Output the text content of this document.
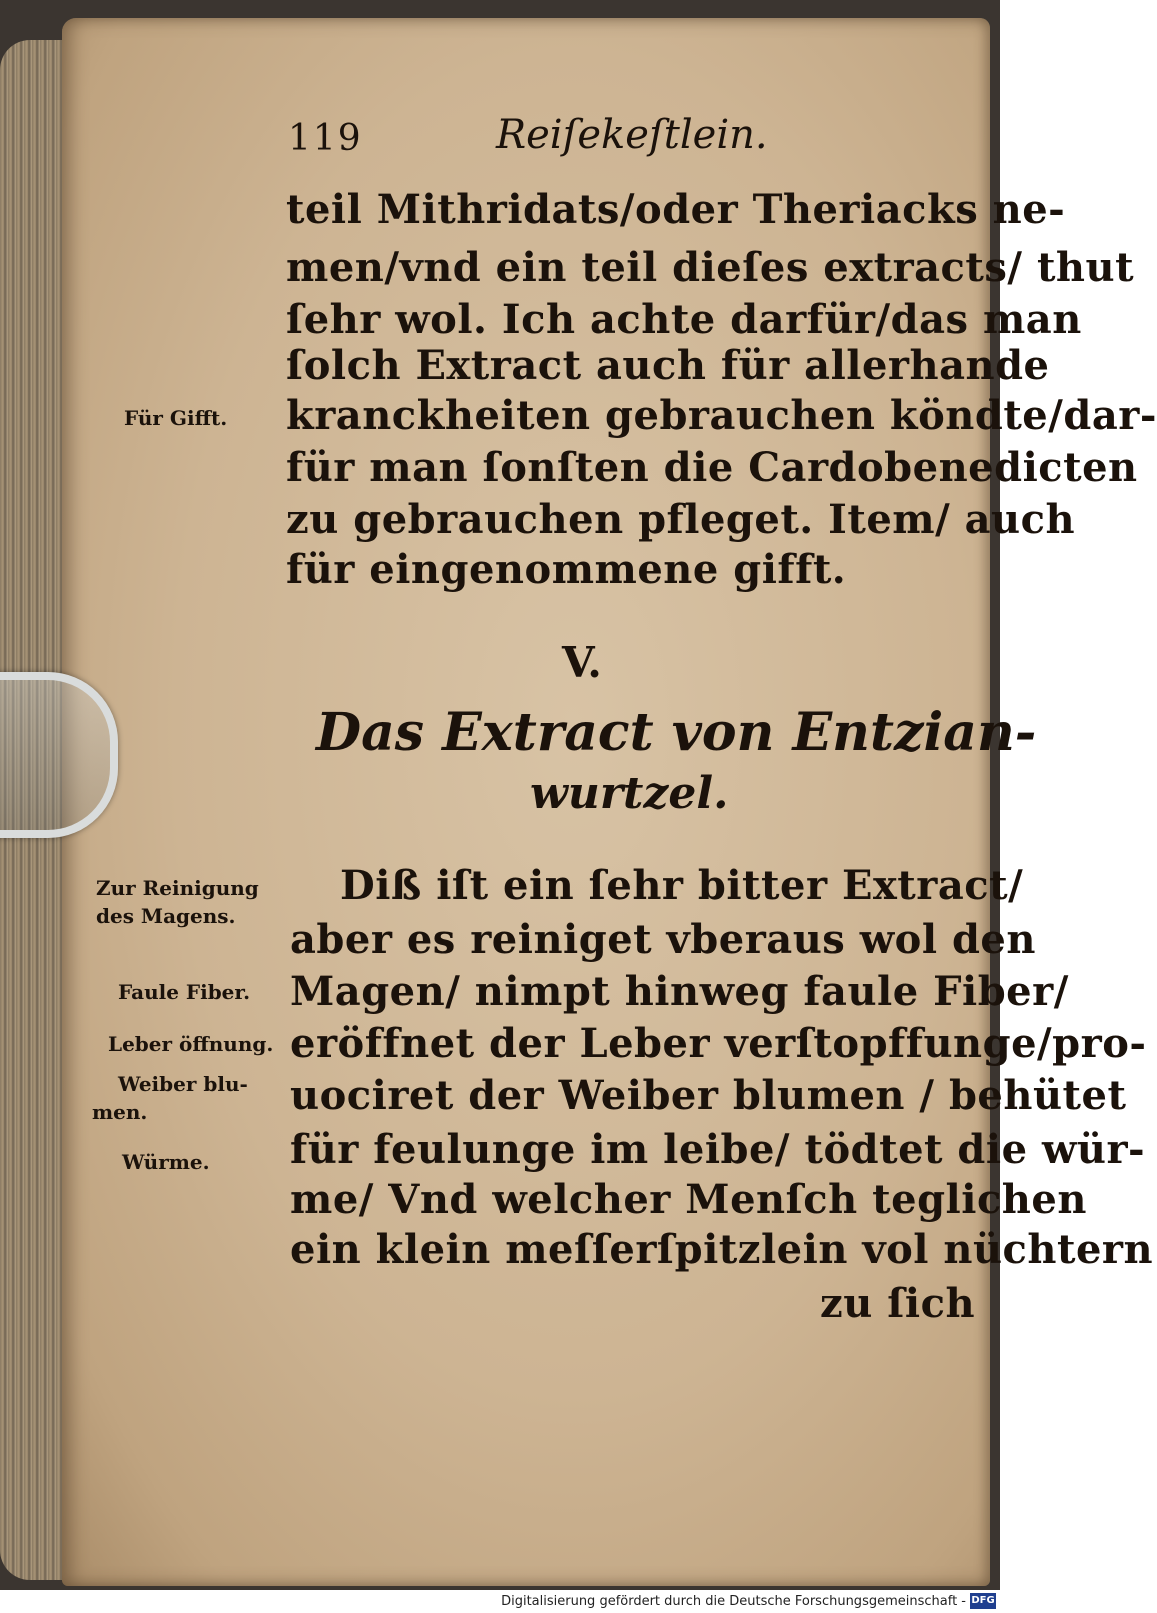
119	Reiſekeſtlein.
teil Mithridats/oder Theriacks ne-
men/vnd ein teil dieſes extracts/ thut
ſehr wol. Ich achte darfür/das man
ſolch Extract auch für allerhande
kranckheiten gebrauchen köndte/dar-
für man ſonſten die Cardobenedicten
zu gebrauchen pfleget. Item/ auch
für eingenommene gifft.
Für Gifft.
V.
Das Extract von Entzian-
wurtzel.
Diß iſt ein ſehr bitter Extract/
aber es reiniget vberaus wol den
Magen/ nimpt hinweg faule Fiber/
eröffnet der Leber verſtopffunge/pro-
uociret der Weiber blumen / behütet
für feulunge im leibe/ tödtet die wür-
me/ Vnd welcher Menſch teglichen
ein klein meſſerſpitzlein vol nüchtern
zu ſich
Zur Reinigung
des Magens.
Faule Fiber.
Leber öffnung.
Weiber blu-
men.
Würme.
Digitalisierung gefördert durch die Deutsche Forschungsgemeinschaft - DFG
